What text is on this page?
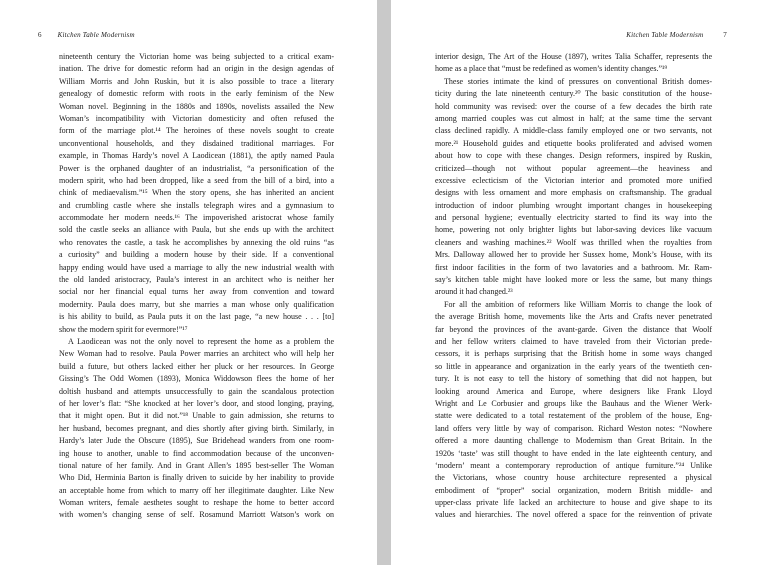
6 Kitchen Table Modernism
nineteenth century the Victorian home was being subjected to a critical exam-
ination. The drive for domestic reform had an origin in the design agendas of
William Morris and John Ruskin, but it is also possible to trace a literary
genealogy of domestic reform with roots in the early feminism of the New
Woman novel. Beginning in the 1880s and 1890s, novelists assailed the New
Woman’s incompatibility with Victorian domesticity and often refused the
form of the marriage plot.¹⁴ The heroines of these novels sought to create
unconventional households, and they disdained traditional marriages. For
example, in Thomas Hardy’s novel A Laodicean (1881), the aptly named Paula
Power is the orphaned daughter of an industrialist, “a personification of the
modern spirit, who had been dropped, like a seed from the bill of a bird, into a
chink of mediaevalism.”¹⁵ When the story opens, she has inherited an ancient
and crumbling castle where she installs telegraph wires and a gymnasium to
accommodate her modern needs.¹⁶ The impoverished aristocrat whose family
sold the castle seeks an alliance with Paula, but she ends up with the architect
who renovates the castle, a task he accomplishes by annexing the old ruins “as
a curiosity” and building a modern house by their side. If a conventional
happy ending would have used a marriage to ally the new industrial wealth with
the old landed aristocracy, Paula’s interest in an architect who is neither her
social nor her financial equal turns her away from convention and toward
modernity. Paula does marry, but she marries a man whose only qualification
is his ability to build, as Paula puts it on the last page, “a new house . . . [to]
show the modern spirit for evermore!”¹⁷
A Laodicean was not the only novel to represent the home as a problem the
New Woman had to resolve. Paula Power marries an architect who will help her
build a future, but others lacked either her pluck or her resources. In George
Gissing’s The Odd Women (1893), Monica Widdowson flees the home of her
doltish husband and attempts unsuccessfully to gain the scandalous protection
of her lover’s flat: “She knocked at her lover’s door, and stood longing, praying,
that it might open. But it did not.”¹⁸ Unable to gain admission, she returns to
her husband, becomes pregnant, and dies shortly after giving birth. Similarly, in
Hardy’s later Jude the Obscure (1895), Sue Bridehead wanders from one room-
ing house to another, unable to find accommodation because of the unconven-
tional nature of her family. And in Grant Allen’s 1895 best-seller The Woman
Who Did, Herminia Barton is finally driven to suicide by her inability to provide
an acceptable home from which to marry off her illegitimate daughter. Like New
Woman writers, female aesthetes sought to reshape the home to better accord
with women’s changing sense of self. Rosamund Marriott Watson’s work on
Kitchen Table Modernism	7
interior design, The Art of the House (1897), writes Talia Schaffer, represents the
home as a place that “must be redefined as women’s identity changes.”¹⁹
These stories intimate the kind of pressures on conventional British domes-
ticity during the late nineteenth century.²⁰ The basic constitution of the house-
hold community was revised: over the course of a few decades the birth rate
among married couples was cut almost in half; at the same time the servant
class declined rapidly. A middle-class family employed one or two servants, not
more.²¹ Household guides and etiquette books proliferated and advised women
about how to cope with these changes. Design reformers, inspired by Ruskin,
criticized—though not without popular agreement—the heaviness and
excessive eclecticism of the Victorian interior and promoted more unified
designs with less ornament and more emphasis on craftsmanship. The gradual
introduction of indoor plumbing wrought important changes in housekeeping
and personal hygiene; eventually electricity started to find its way into the
home, powering not only brighter lights but labor-saving devices like vacuum
cleaners and washing machines.²² Woolf was thrilled when the royalties from
Mrs. Dalloway allowed her to provide her Sussex home, Monk’s House, with its
first indoor facilities in the form of two lavatories and a bathroom. Mr. Ram-
say’s kitchen table might have looked more or less the same, but many things
around it had changed.²³
For all the ambition of reformers like William Morris to change the look of
the average British home, movements like the Arts and Crafts never penetrated
far beyond the provinces of the avant-garde. Given the distance that Woolf
and her fellow writers claimed to have traveled from their Victorian prede-
cessors, it is perhaps surprising that the British home in some ways changed
so little in appearance and organization in the early years of the twentieth cen-
tury. It is not easy to tell the history of something that did not happen, but
looking around America and Europe, where designers like Frank Lloyd
Wright and Le Corbusier and groups like the Bauhaus and the Wiener Werk-
statte were dedicated to a total restatement of the problem of the house, Eng-
land offers very little by way of comparison. Richard Weston notes: “Nowhere
offered a more daunting challenge to Modernism than Great Britain. In the
1920s ‘taste’ was still thought to have ended in the late eighteenth century, and
‘modern’ meant a contemporary reproduction of antique furniture.”²⁴ Unlike
the Victorians, whose country house architecture represented a physical
embodiment of “proper” social organization, modern British middle- and
upper-class private life lacked an architecture to house and give shape to its
values and hierarchies. The novel offered a space for the reinvention of private
